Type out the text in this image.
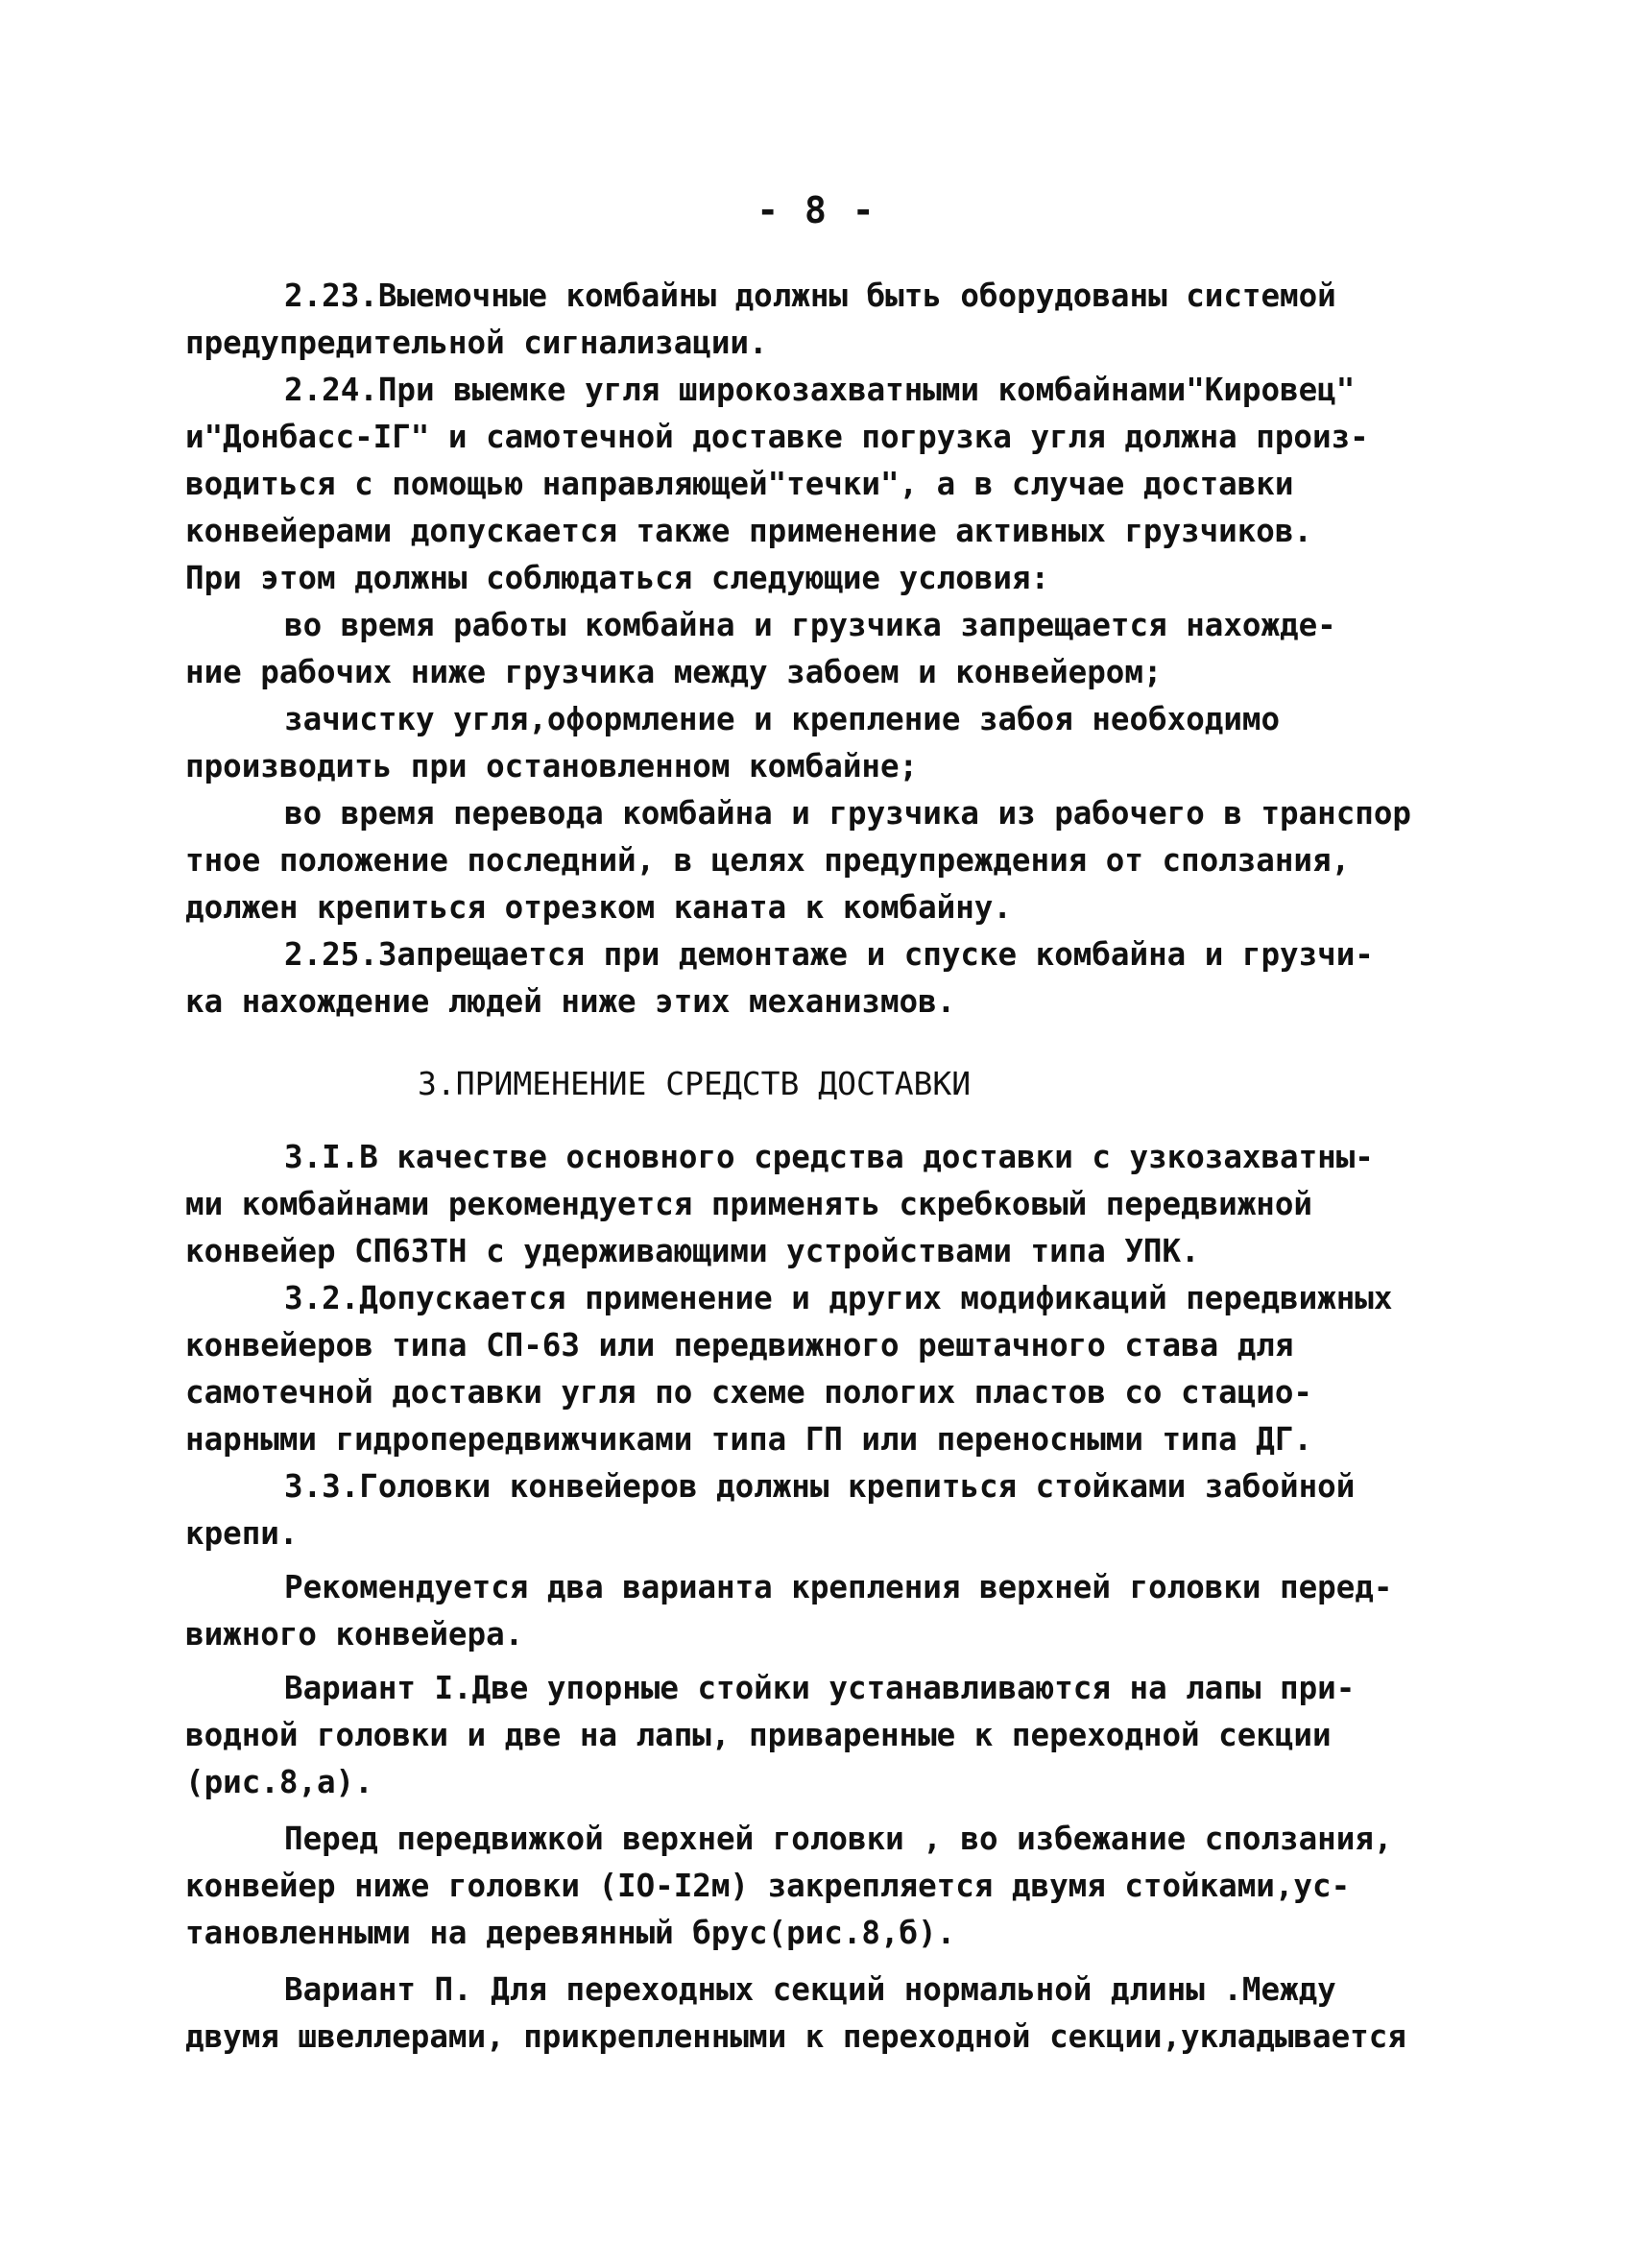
- 8 -
2.23.Выемочные комбайны должны быть оборудованы системой
предупредительной сигнализации.
2.24.При выемке угля широкозахватными комбайнами"Кировец"
и"Донбасс-IГ" и самотечной доставке погрузка угля должна произ-
водиться с помощью направляющей"течки", а в случае доставки
конвейерами допускается также применение активных грузчиков.
При этом должны соблюдаться следующие условия:
во время работы комбайна и грузчика запрещается нахожде-
ние рабочих ниже грузчика между забоем и конвейером;
зачистку угля,оформление и крепление забоя необходимо
производить при остановленном комбайне;
во время перевода комбайна и грузчика из рабочего в транспор
тное положение последний, в целях предупреждения от сползания,
должен крепиться отрезком каната к комбайну.
2.25.Запрещается при демонтаже и спуске комбайна и грузчи-
ка нахождение людей ниже этих механизмов.
3.ПРИМЕНЕНИЕ СРЕДСТВ ДОСТАВКИ
3.I.В качестве основного средства доставки с узкозахватны-
ми комбайнами рекомендуется применять скребковый передвижной
конвейер СП63ТН с удерживающими устройствами типа УПК.
3.2.Допускается применение и других модификаций передвижных
конвейеров типа СП-63 или передвижного рештачного става для
самотечной доставки угля по схеме пологих пластов со стацио-
нарными гидропередвижчиками типа ГП или переносными типа ДГ.
3.3.Головки конвейеров должны крепиться стойками забойной
крепи.
Рекомендуется два варианта крепления верхней головки перед-
вижного конвейера.
Вариант I.Две упорные стойки устанавливаются на лапы при-
водной головки и две на лапы, приваренные к переходной секции
(рис.8,а).
Перед передвижкой верхней головки , во избежание сползания,
конвейер ниже головки (IO-I2м) закрепляется двумя стойками,ус-
тановленными на деревянный брус(рис.8,б).
Вариант П. Для переходных секций нормальной длины .Между
двумя швеллерами, прикрепленными к переходной секции,укладывается
